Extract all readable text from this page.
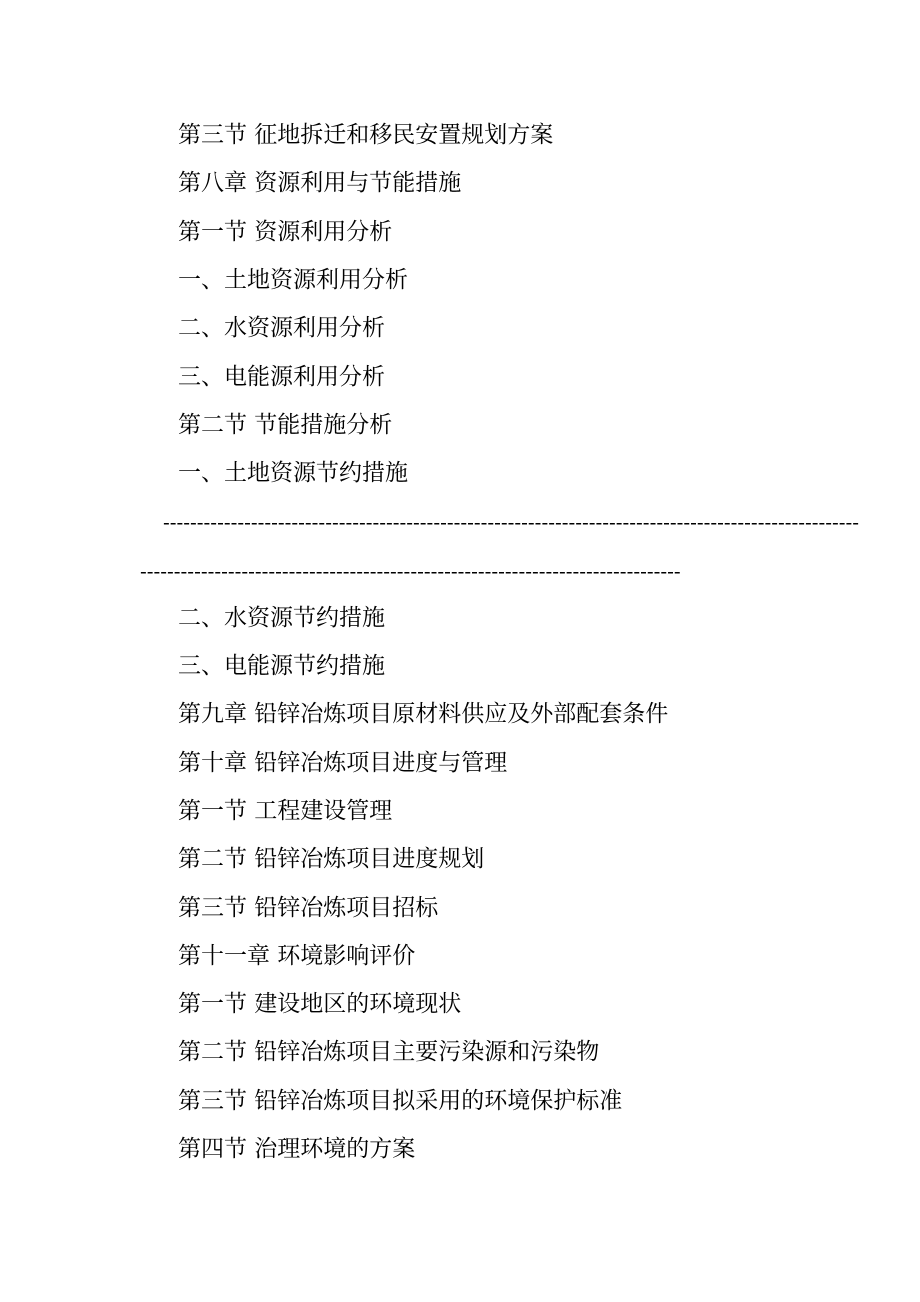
第三节 征地拆迁和移民安置规划方案
第八章 资源利用与节能措施
第一节 资源利用分析
一、土地资源利用分析
二、水资源利用分析
三、电能源利用分析
第二节 节能措施分析
一、土地资源节约措施
-------------------------------------------------------------------------------------------------------
--------------------------------------------------------------------------------
二、水资源节约措施
三、电能源节约措施
第九章 铅锌冶炼项目原材料供应及外部配套条件
第十章 铅锌冶炼项目进度与管理
第一节 工程建设管理
第二节 铅锌冶炼项目进度规划
第三节 铅锌冶炼项目招标
第十一章 环境影响评价
第一节 建设地区的环境现状
第二节 铅锌冶炼项目主要污染源和污染物
第三节 铅锌冶炼项目拟采用的环境保护标准
第四节 治理环境的方案
